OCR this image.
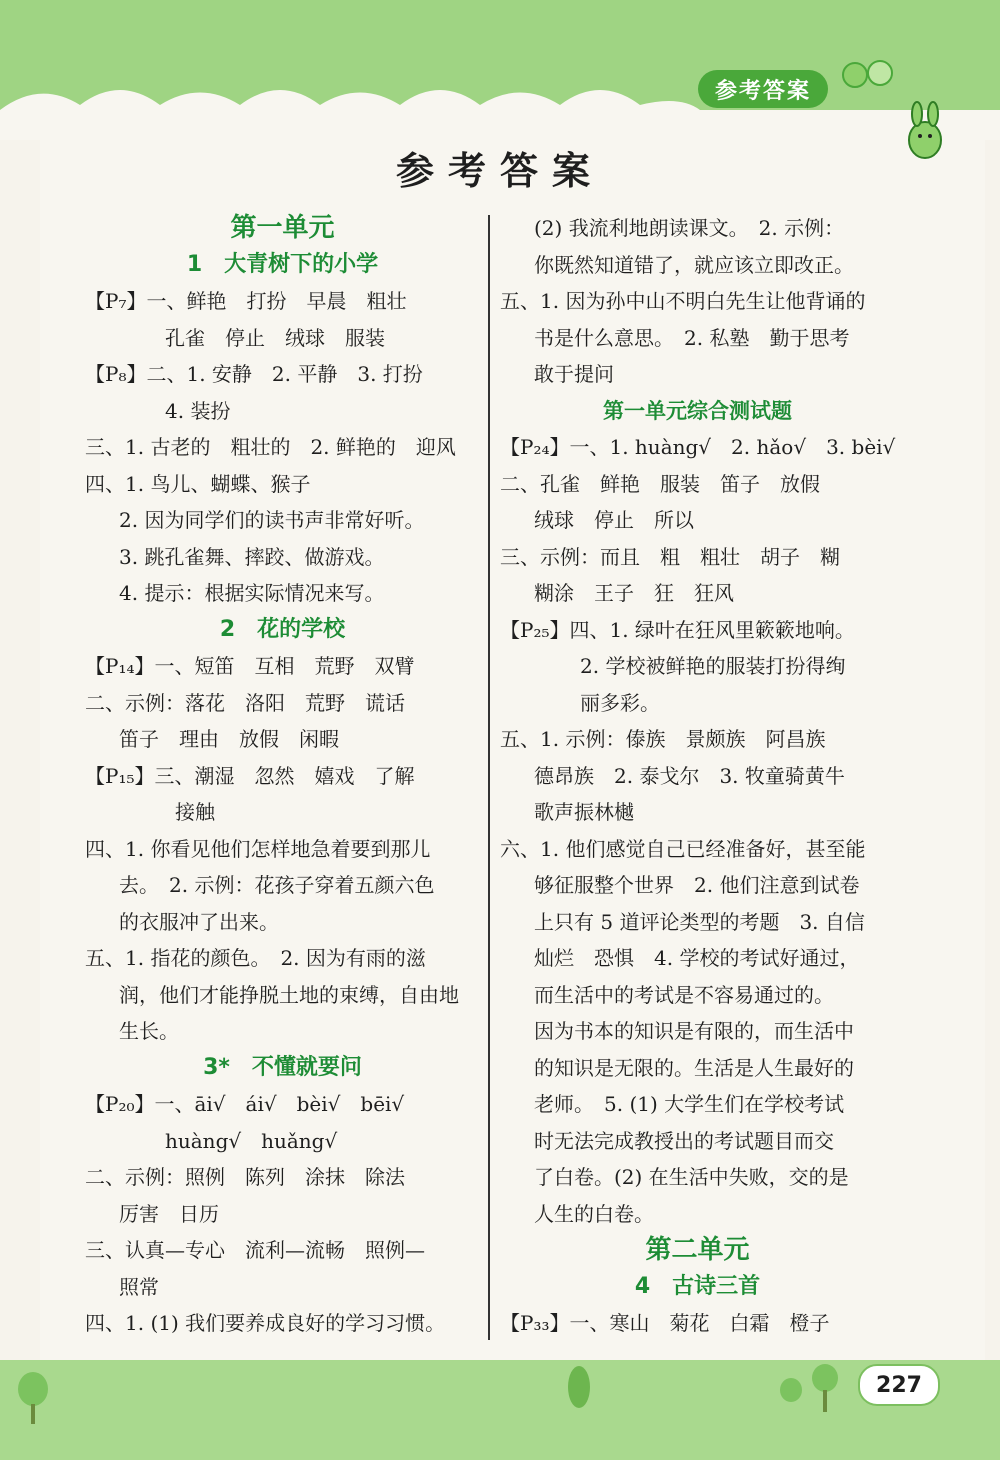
参考答案
参考答案
第一单元
1　大青树下的小学
【P₇】一、鲜艳　打扮　早晨　粗壮
孔雀　停止　绒球　服装
【P₈】二、1. 安静　2. 平静　3. 打扮
4. 装扮
三、1. 古老的　粗壮的　2. 鲜艳的　迎风
四、1. 鸟儿、蝴蝶、猴子
2. 因为同学们的读书声非常好听。
3. 跳孔雀舞、摔跤、做游戏。
4. 提示：根据实际情况来写。
2　花的学校
【P₁₄】一、短笛　互相　荒野　双臂
二、示例：落花　洛阳　荒野　谎话
笛子　理由　放假　闲暇
【P₁₅】三、潮湿　忽然　嬉戏　了解
接触
四、1. 你看见他们怎样地急着要到那儿
去。　2. 示例：花孩子穿着五颜六色
的衣服冲了出来。
五、1. 指花的颜色。　2. 因为有雨的滋
润，他们才能挣脱土地的束缚，自由地
生长。
3*　不懂就要问
【P₂₀】一、āi√　ái√　bèi√　bēi√
huàng√　huǎng√
二、示例：照例　陈列　涂抹　除法
厉害　日历
三、认真—专心　流利—流畅　照例—
照常
四、1. (1) 我们要养成良好的学习习惯。
(2) 我流利地朗读课文。　2. 示例：
你既然知道错了，就应该立即改正。
五、1. 因为孙中山不明白先生让他背诵的
书是什么意思。　2. 私塾　勤于思考
敢于提问
第一单元综合测试题
【P₂₄】一、1. huàng√　2. hǎo√　3. bèi√
二、孔雀　鲜艳　服装　笛子　放假
绒球　停止　所以
三、示例：而且　粗　粗壮　胡子　糊
糊涂　王子　狂　狂风
【P₂₅】四、1. 绿叶在狂风里簌簌地响。
2. 学校被鲜艳的服装打扮得绚
丽多彩。
五、1. 示例：傣族　景颇族　阿昌族
德昂族　2. 泰戈尔　3. 牧童骑黄牛
歌声振林樾
六、1. 他们感觉自己已经准备好，甚至能
够征服整个世界　2. 他们注意到试卷
上只有 5 道评论类型的考题　3. 自信
灿烂　恐惧　4. 学校的考试好通过，
而生活中的考试是不容易通过的。
因为书本的知识是有限的，而生活中
的知识是无限的。生活是人生最好的
老师。　5. (1) 大学生们在学校考试
时无法完成教授出的考试题目而交
了白卷。(2) 在生活中失败，交的是
人生的白卷。
第二单元
4　古诗三首
【P₃₃】一、寒山　菊花　白霜　橙子
227
